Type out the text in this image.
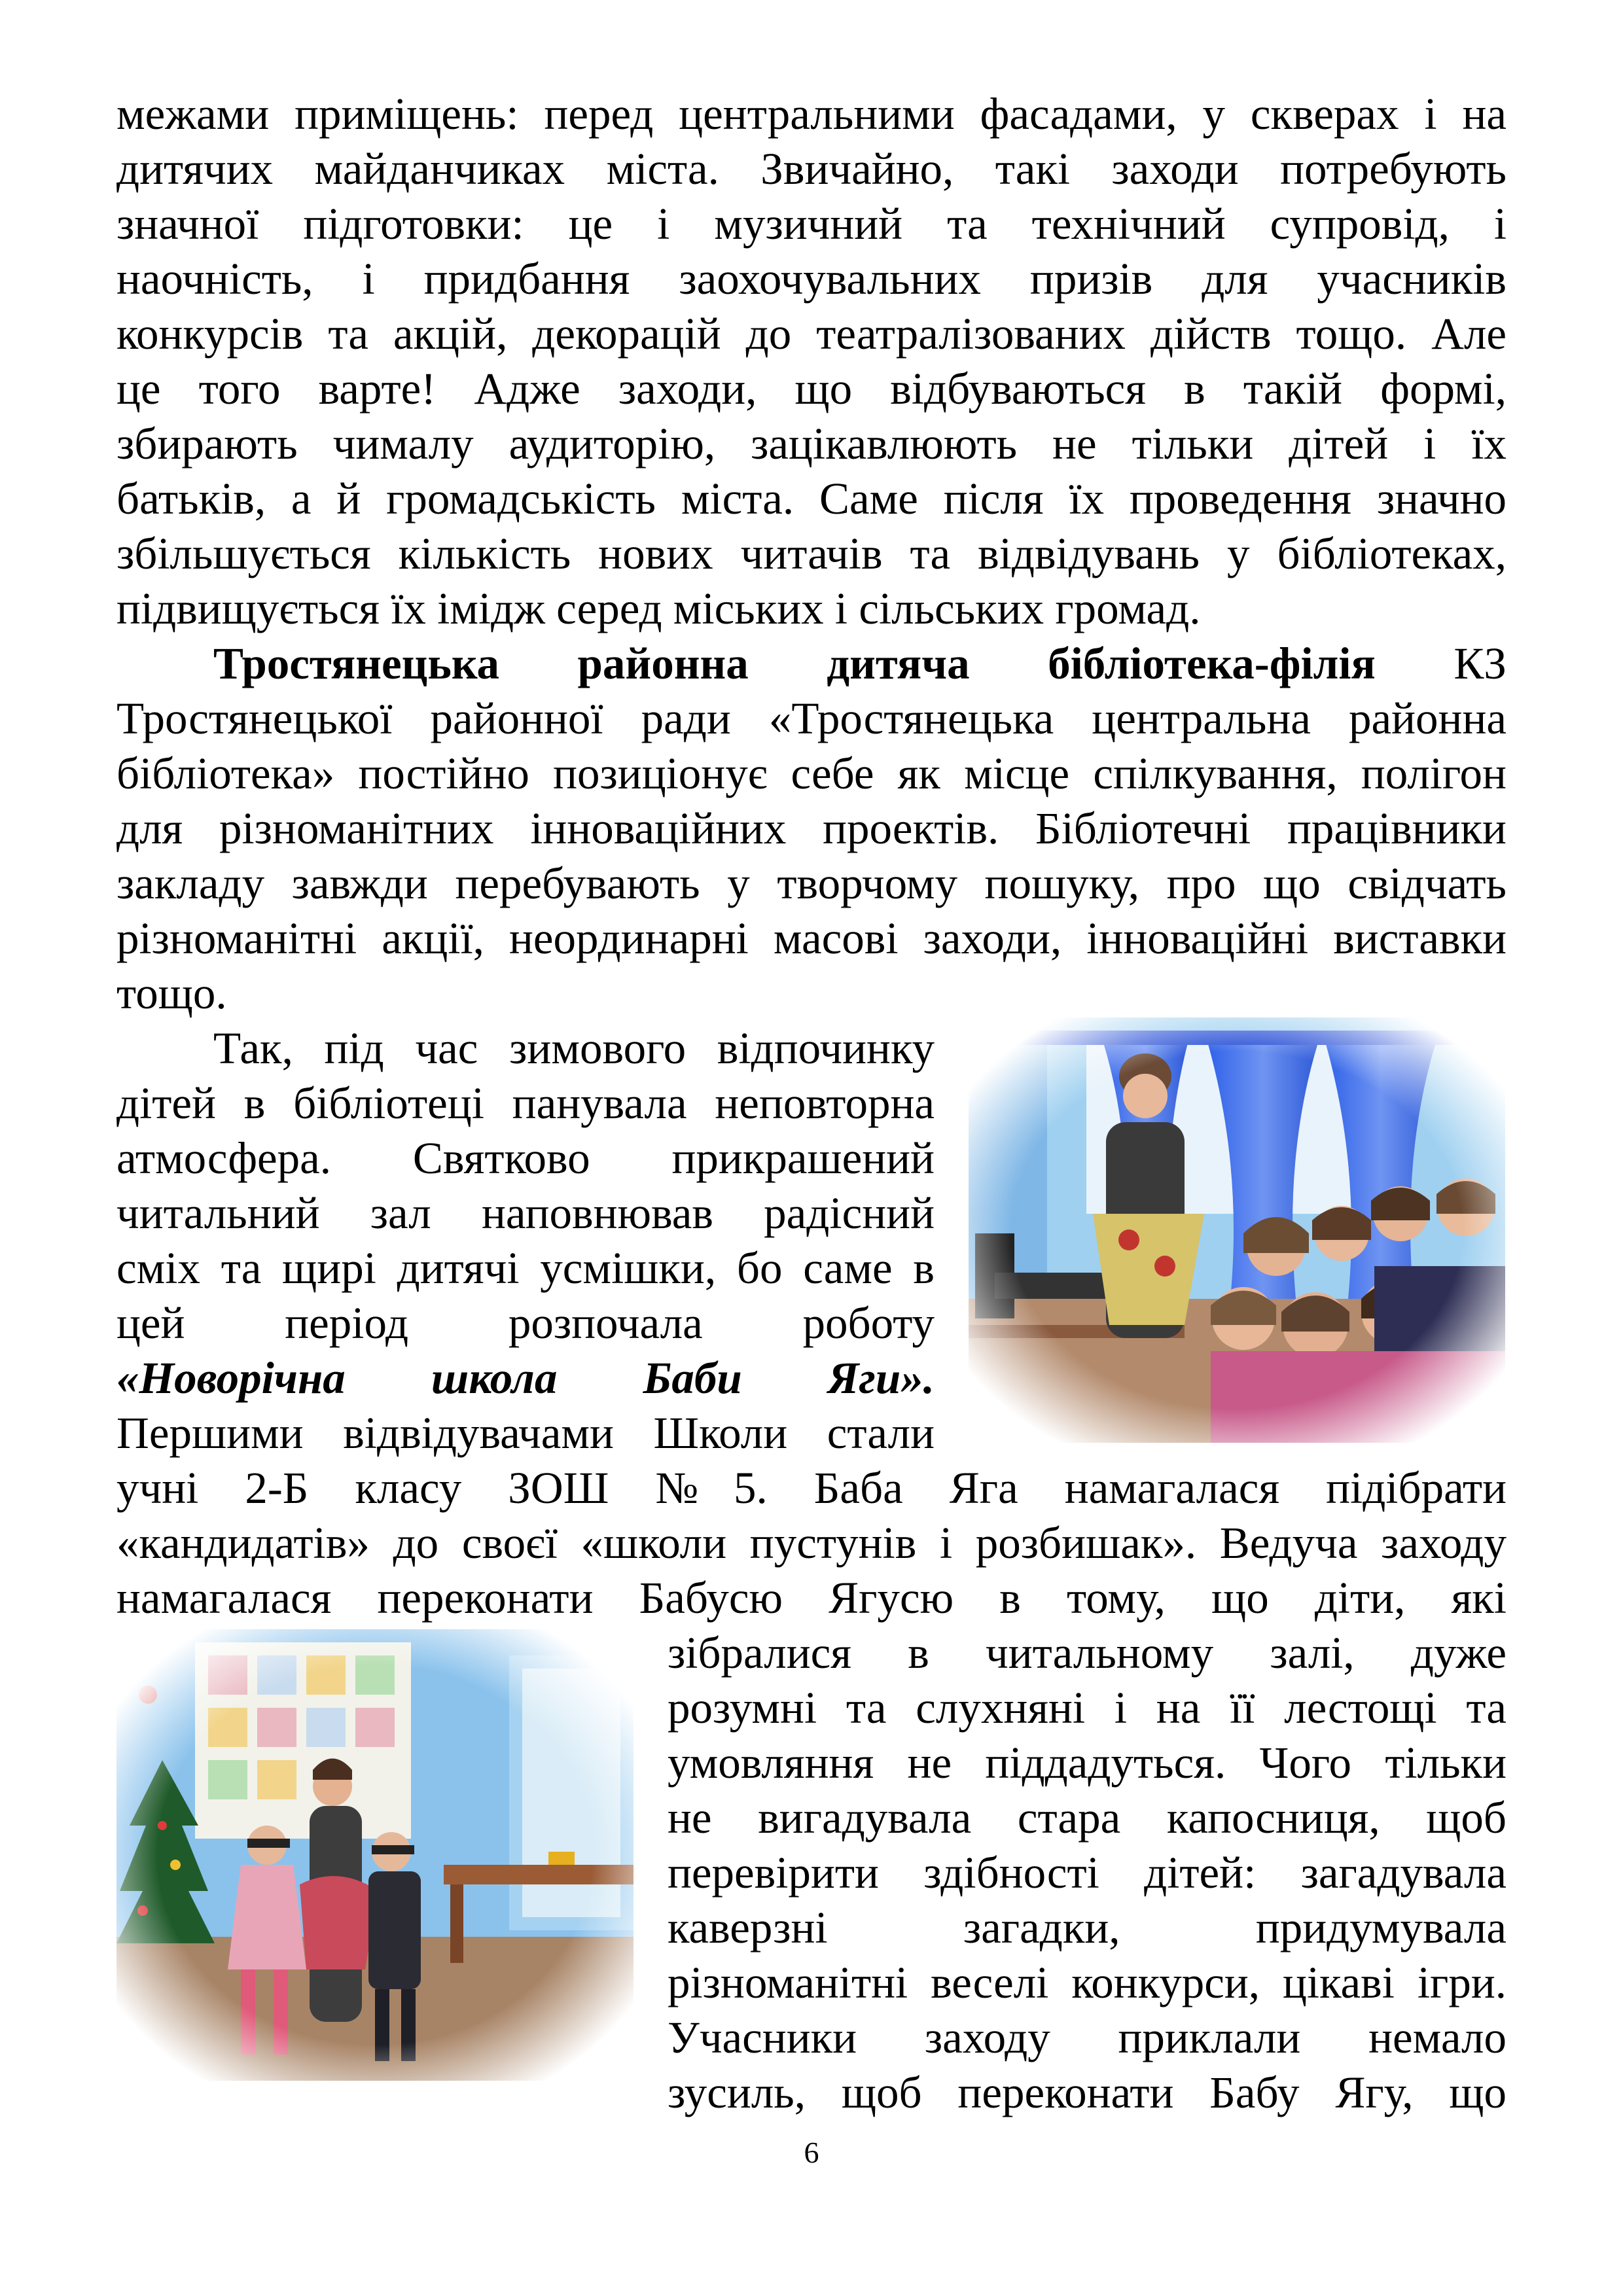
межами приміщень: перед центральними фасадами, у скверах і на
дитячих майданчиках міста. Звичайно, такі заходи потребують
значної підготовки: це і музичний та технічний супровід, і
наочність, і придбання заохочувальних призів для учасників
конкурсів та акцій, декорацій до театралізованих дійств тощо. Але
це того варте! Адже заходи, що відбуваються в такій формі,
збирають чималу аудиторію, зацікавлюють не тільки дітей і їх
батьків, а й громадськість міста. Саме після їх проведення значно
збільшується кількість нових читачів та відвідувань у бібліотеках,
підвищується їх імідж серед міських і сільських громад.
Тростянецька районна дитяча бібліотека-філія КЗ
Тростянецької районної ради «Тростянецька центральна районна
бібліотека» постійно позиціонує себе як місце спілкування, полігон
для різноманітних інноваційних проектів. Бібліотечні працівники
закладу завжди перебувають у творчому пошуку, про що свідчать
різноманітні акції, неординарні масові заходи, інноваційні виставки
тощо.
Так, під час зимового відпочинку
дітей в бібліотеці панувала неповторна
атмосфера. Святково прикрашений
читальний зал наповнював радісний
сміх та щирі дитячі усмішки, бо саме в
цей період розпочала роботу
«Новорічна школа Баби Яги».
Першими відвідувачами Школи стали
учні 2-Б класу ЗОШ №5. Баба Яга намагалася підібрати
«кандидатів» до своєї «школи пустунів і розбишак». Ведуча заходу
намагалася переконати Бабусю Ягусю в тому, що діти, які
зібралися в читальному залі, дуже
розумні та слухняні і на її лестощі та
умовляння не піддадуться. Чого тільки
не вигадувала стара капосниця, щоб
перевірити здібності дітей: загадувала
каверзні загадки, придумувала
різноманітні веселі конкурси, цікаві ігри.
Учасники заходу приклали немало
зусиль, щоб переконати Бабу Ягу, що
6
